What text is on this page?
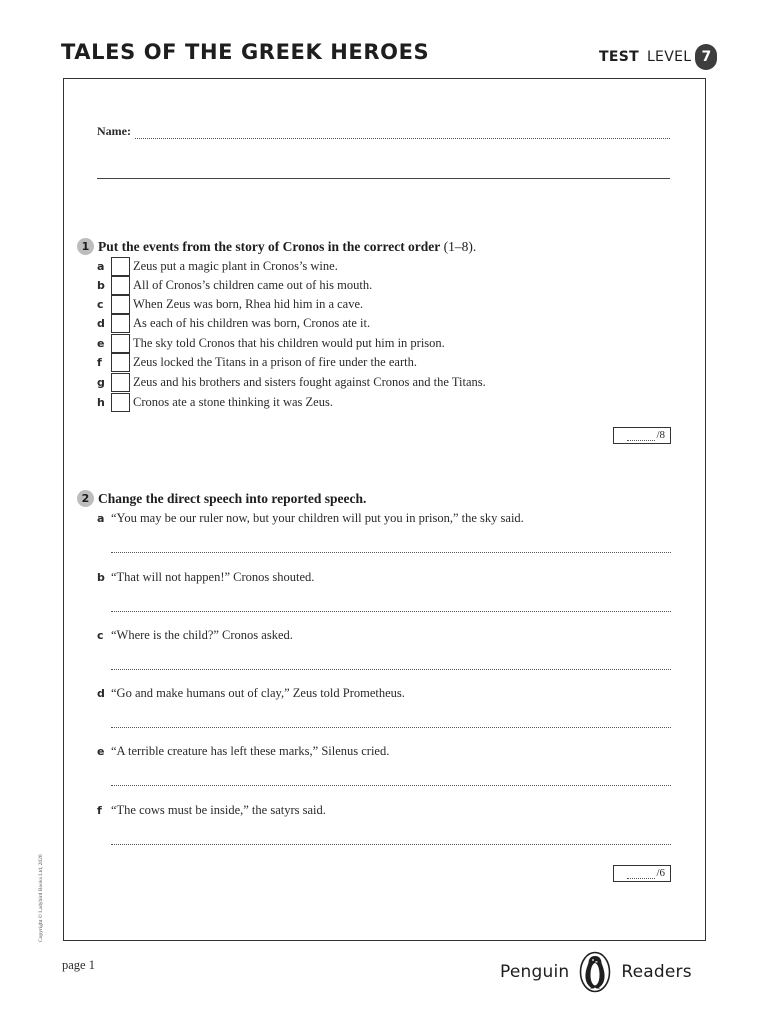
TALES OF THE GREEK HEROES	TEST LEVEL 7
Name:
1 Put the events from the story of Cronos in the correct order (1–8).
a	Zeus put a magic plant in Cronos’s wine.
b	All of Cronos’s children came out of his mouth.
c	When Zeus was born, Rhea hid him in a cave.
d	As each of his children was born, Cronos ate it.
e	The sky told Cronos that his children would put him in prison.
f	Zeus locked the Titans in a prison of fire under the earth.
g	Zeus and his brothers and sisters fought against Cronos and the Titans.
h	Cronos ate a stone thinking it was Zeus.
/8
2 Change the direct speech into reported speech.
a “You may be our ruler now, but your children will put you in prison,” the sky said.
b “That will not happen!” Cronos shouted.
c “Where is the child?” Cronos asked.
d “Go and make humans out of clay,” Zeus told Prometheus.
e “A terrible creature has left these marks,” Silenus cried.
f “The cows must be inside,” the satyrs said.
/6
Copyright © Ladybird Books Ltd, 2020
page 1	Penguin	Readers
